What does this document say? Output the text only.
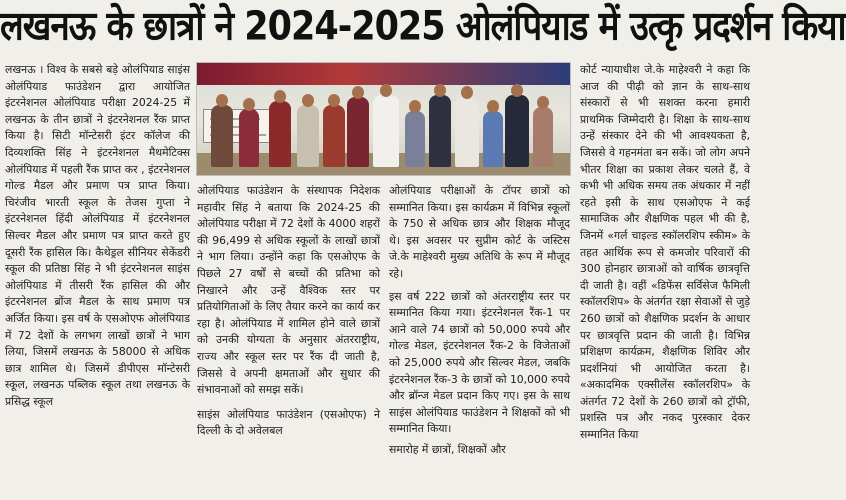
लखनऊ के छात्रों ने 2024-2025 ओलंपियाड में उत्कृ प्रदर्शन किया

लखनऊ । विश्व के सबसे बड़े ओलंपियाड साइंस ओलंपियाड फाउंडेशन द्वारा आयोजित इंटरनेशनल ओलंपियाड परीक्षा 2024-25 में लखनऊ के तीन छात्रों ने इंटरनेशनल रैंक प्राप्त किया है। सिटी मॉन्टेसरी इंटर कॉलेज की दिव्यशक्ति सिंह ने इंटरनेशनल मैथमेटिक्स ओलंपियाड में पहली रैंक प्राप्त कर , इंटरनेशनल गोल्ड मैडल और प्रमाण पत्र प्राप्त किया। चिरंजीव भारती स्कूल के तेजस गुप्ता ने इंटरनेशनल हिंदी ओलंपियाड में इंटरनेशनल सिल्वर मैडल और प्रमाण पत्र प्राप्त करते हुए दूसरी रैंक हासिल कि। कैथेड्रल सीनियर सेकेंडरी स्कूल की प्रतिष्ठा सिंह ने भी इंटरनेशनल साइंस ओलंपियाड में तीसरी रैंक हासिल की और इंटरनेशनल ब्रोंज मैडल के साथ प्रमाण पत्र अर्जित किया। इस वर्ष के एसओएफ ओलंपियाड में 72 देशों के लगभग लाखों छात्रों ने भाग लिया, जिसमें लखनऊ के 58000 से अधिक छात्र शामिल थे। जिसमें डीपीएस मॉन्टेसरी स्कूल, लखनऊ पब्लिक स्कूल तथा लखनऊ के प्रसिद्ध स्कूल

ओलंपियाड फाउंडेशन के संस्थापक निदेशक महावीर सिंह ने बताया कि 2024-25 की ओलंपियाड परीक्षा में 72 देशों के 4000 शहरों की 96,499 से अधिक स्कूलों के लाखों छात्रों ने भाग लिया। उन्होंने कहा कि एसओएफ के पिछले 27 वर्षों से बच्चों की प्रतिभा को निखारने और उन्हें वैश्विक स्तर पर प्रतियोगिताओं के लिए तैयार करने का कार्य कर रहा है। ओलंपियाड में शामिल होने वाले छात्रों को उनकी योग्यता के अनुसार अंतरराष्ट्रीय, राज्य और स्कूल स्तर पर रैंक दी जाती है, जिससे वे अपनी क्षमताओं और सुधार की संभावनाओं को समझ सकें।

साइंस ओलंपियाड फाउंडेशन (एसओएफ) ने दिल्ली के दो अवेलबल

ओलंपियाड परीक्षाओं के टॉपर छात्रों को सम्मानित किया। इस कार्यक्रम में विभिन्न स्कूलों के 750 से अधिक छात्र और शिक्षक मौजूद थे। इस अवसर पर सुप्रीम कोर्ट के जस्टिस जे.के माहेश्वरी मुख्य अतिथि के रूप में मौजूद रहे।

इस वर्ष 222 छात्रों को अंतरराष्ट्रीय स्तर पर सम्मानित किया गया। इंटरनेशनल रैंक-1 पर आने वाले 74 छात्रों को 50,000 रुपये और गोल्ड मेडल, इंटरनेशनल रैंक-2 के विजेताओं को 25,000 रुपये और सिल्वर मेडल, जबकि इंटरनेशनल रैंक-3 के छात्रों को 10,000 रुपये और ब्रॉन्ज मेडल प्रदान किए गए। इस के साथ साइंस ओलंपियाड फाउंडेशन ने शिक्षकों को भी सम्मानित किया।

समारोह में छात्रों, शिक्षकों और

कोर्ट न्यायाधीश जे.के माहेश्वरी ने कहा कि आज की पीढ़ी को ज्ञान के साथ-साथ संस्कारों से भी सशक्त करना हमारी प्राथमिक जिम्मेदारी है। शिक्षा के साथ-साथ उन्हें संस्कार देने की भी आवश्यकता है, जिससे वे गहनमंता बन सकें। जो लोग अपने भीतर शिक्षा का प्रकाश लेकर चलते हैं, वे कभी भी अधिक समय तक अंधकार में नहीं रहते इसी के साथ एसओएफ ने कई सामाजिक और शैक्षणिक पहल भी की है, जिनमें «गर्ल चाइल्ड स्कॉलरशिप स्कीम» के तहत आर्थिक रूप से कमजोर परिवारों की 300 होनहार छात्राओं को वार्षिक छात्रवृत्ति दी जाती है। वहीं «डिफेंस सर्विसेज फैमिली स्कॉलरशिप» के अंतर्गत रक्षा सेवाओं से जुड़े 260 छात्रों को शैक्षणिक प्रदर्शन के आधार पर छात्रवृत्ति प्रदान की जाती है। विभिन्न प्रशिक्षण कार्यक्रम, शैक्षणिक शिविर और प्रदर्शनियां भी आयोजित करता है। «अकादमिक एक्सीलेंस स्कॉलरशिप» के अंतर्गत 72 देशों के 260 छात्रों को ट्रॉफी, प्रशस्ति पत्र और नकद पुरस्कार देकर सम्मानित किया
